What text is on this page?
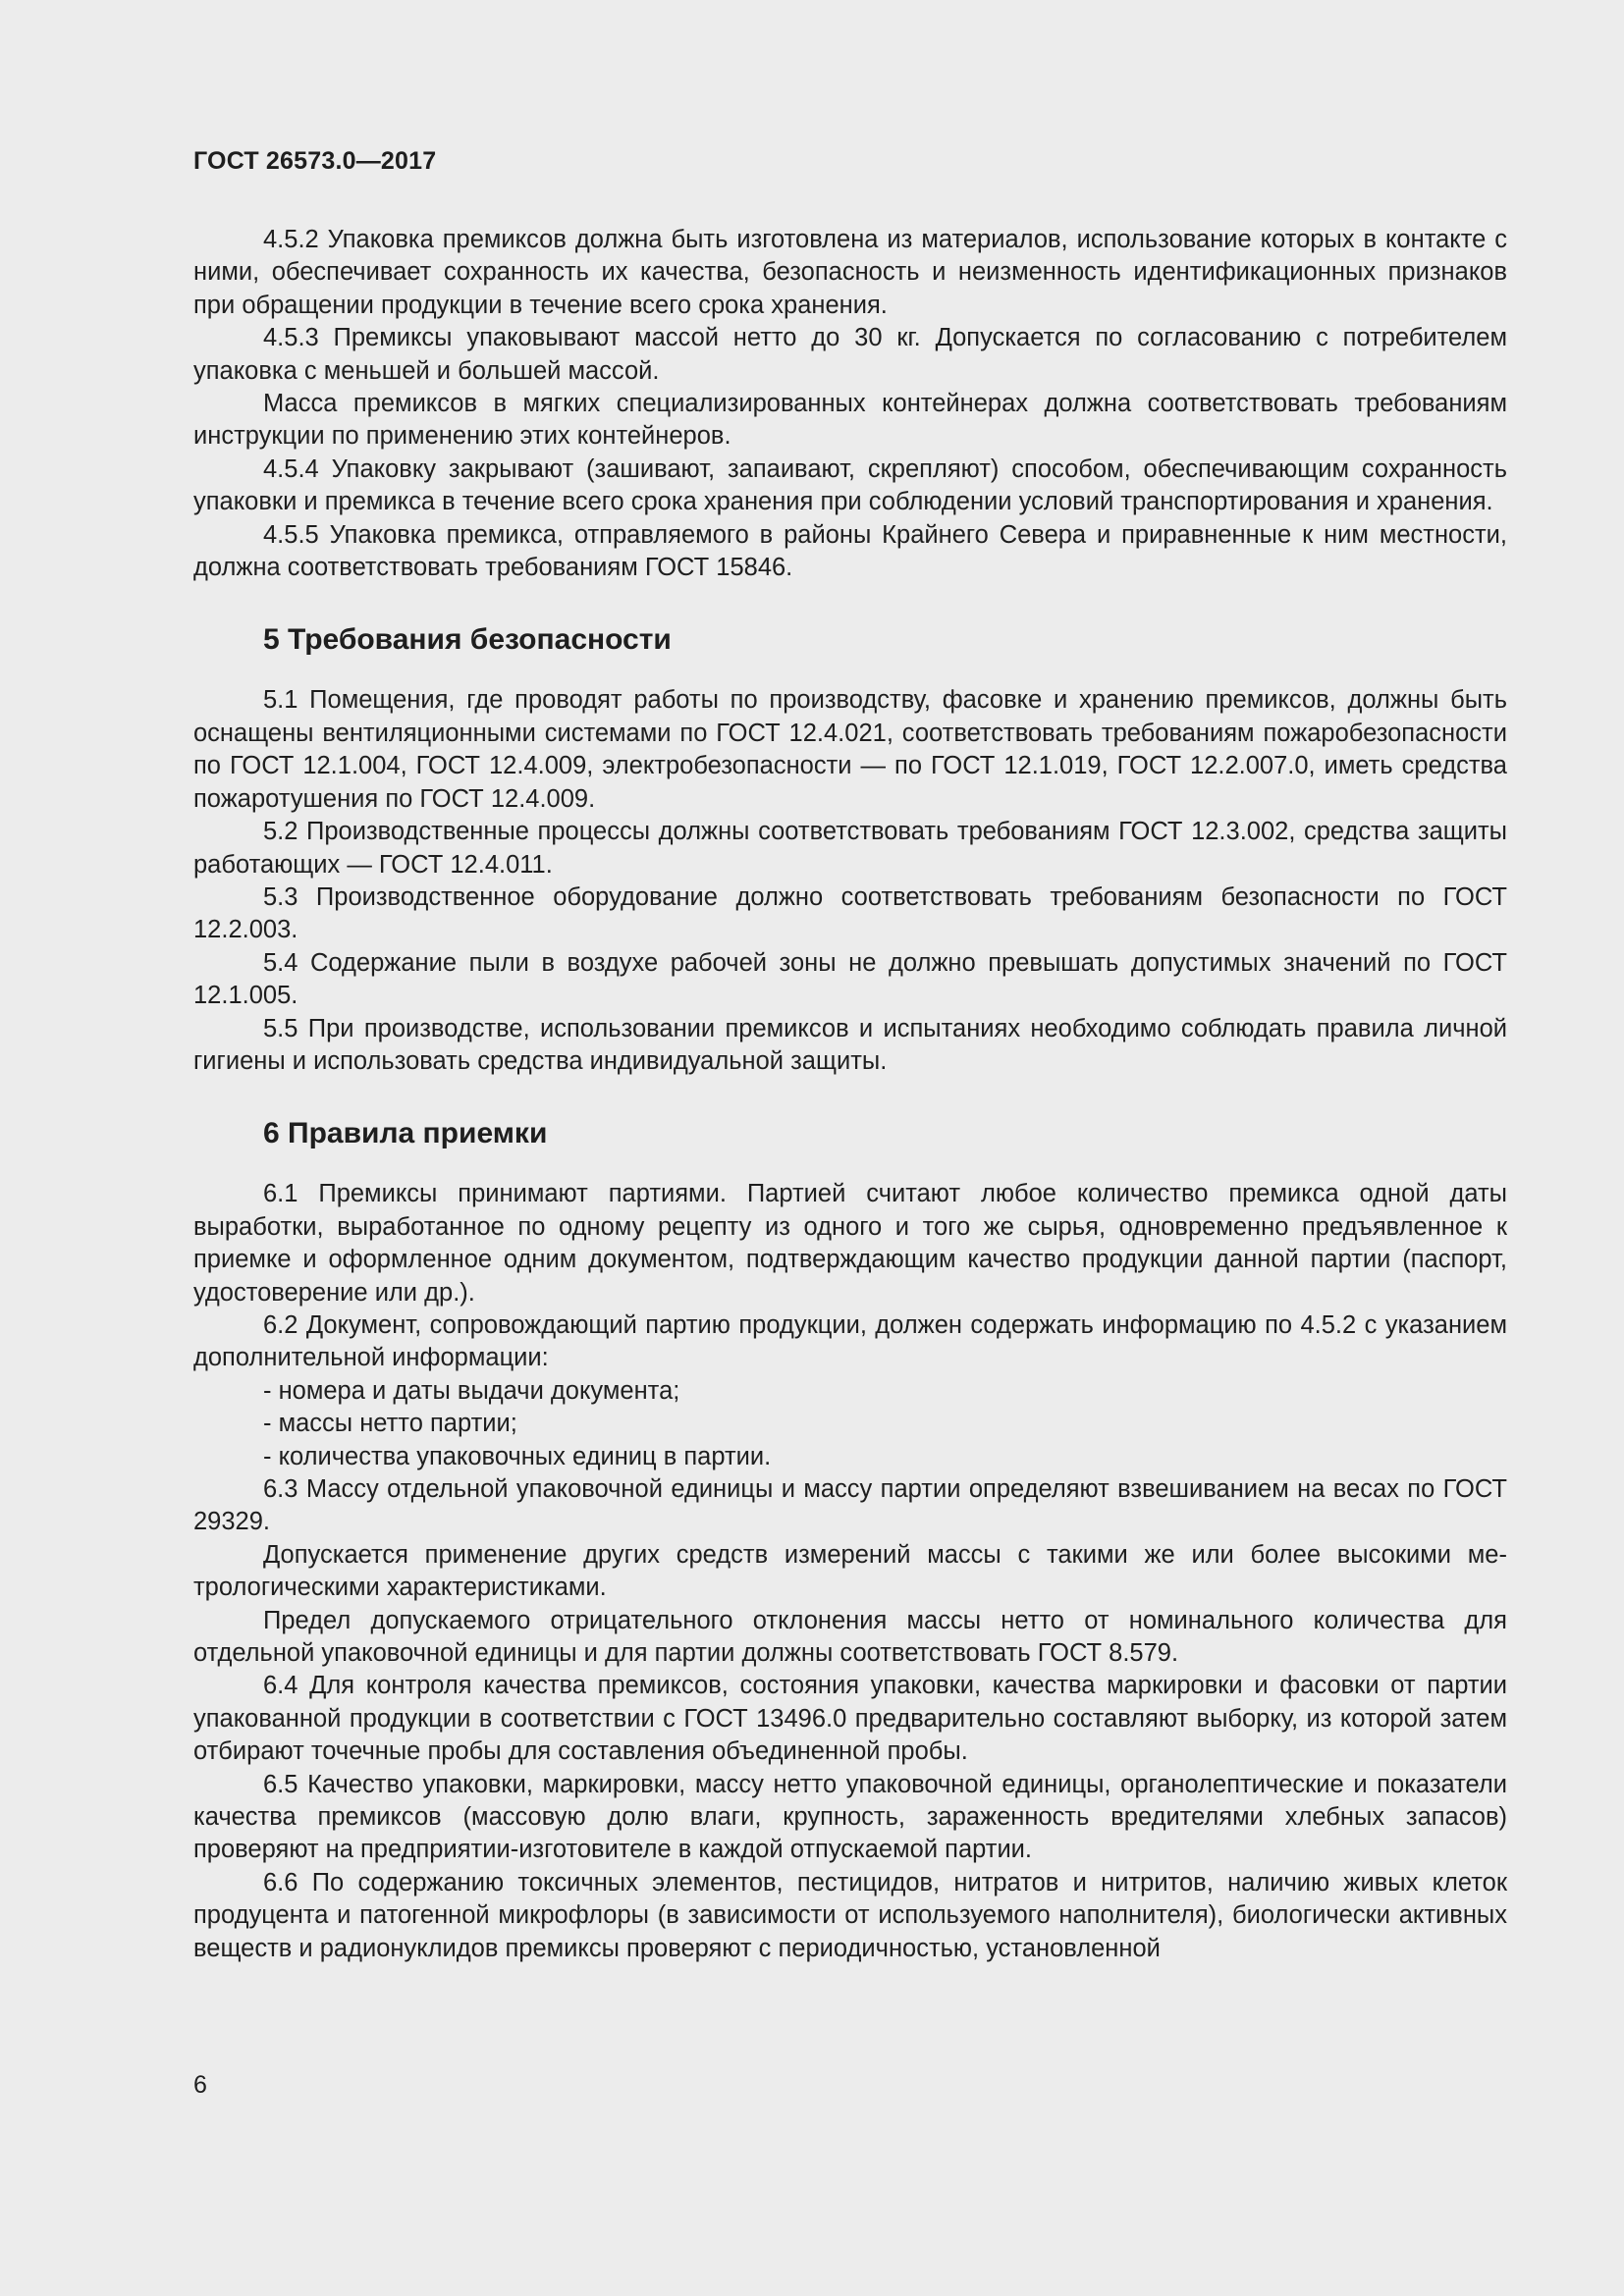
ГОСТ 26573.0—2017

4.5.2 Упаковка премиксов должна быть изготовлена из материалов, использование которых в контакте с ними, обеспечивает сохранность их качества, безопасность и неизменность идентификационных признаков при обращении продукции в течение всего срока хранения.

4.5.3 Премиксы упаковывают массой нетто до 30 кг. Допускается по согласованию с потребителем упаковка с меньшей и большей массой.

Масса премиксов в мягких специализированных контейнерах должна соответствовать требованиям инструкции по применению этих контейнеров.

4.5.4 Упаковку закрывают (зашивают, запаивают, скрепляют) способом, обеспечивающим сохранность упаковки и премикса в течение всего срока хранения при соблюдении условий транспортирования и хранения.

4.5.5 Упаковка премикса, отправляемого в районы Крайнего Севера и приравненные к ним местности, должна соответствовать требованиям ГОСТ 15846.

5 Требования безопасности

5.1 Помещения, где проводят работы по производству, фасовке и хранению премиксов, должны быть оснащены вентиляционными системами по ГОСТ 12.4.021, соответствовать требованиям пожаробезопасности по ГОСТ 12.1.004, ГОСТ 12.4.009, электробезопасности — по ГОСТ 12.1.019, ГОСТ 12.2.007.0, иметь средства пожаротушения по ГОСТ 12.4.009.

5.2 Производственные процессы должны соответствовать требованиям ГОСТ 12.3.002, средства защиты работающих — ГОСТ 12.4.011.

5.3 Производственное оборудование должно соответствовать требованиям безопасности по ГОСТ 12.2.003.

5.4 Содержание пыли в воздухе рабочей зоны не должно превышать допустимых значений по ГОСТ 12.1.005.

5.5 При производстве, использовании премиксов и испытаниях необходимо соблюдать правила личной гигиены и использовать средства индивидуальной защиты.

6 Правила приемки

6.1 Премиксы принимают партиями. Партией считают любое количество премикса одной даты выработки, выработанное по одному рецепту из одного и того же сырья, одновременно предъявленное к приемке и оформленное одним документом, подтверждающим качество продукции данной партии (паспорт, удостоверение или др.).

6.2 Документ, сопровождающий партию продукции, должен содержать информацию по 4.5.2 с указанием дополнительной информации:

- номера и даты выдачи документа;

- массы нетто партии;

- количества упаковочных единиц в партии.

6.3 Массу отдельной упаковочной единицы и массу партии определяют взвешиванием на весах по ГОСТ 29329.

Допускается применение других средств измерений массы с такими же или более высокими метрологическими характеристиками.

Предел допускаемого отрицательного отклонения массы нетто от номинального количества для отдельной упаковочной единицы и для партии должны соответствовать ГОСТ 8.579.

6.4 Для контроля качества премиксов, состояния упаковки, качества маркировки и фасовки от партии упакованной продукции в соответствии с ГОСТ 13496.0 предварительно составляют выборку, из которой затем отбирают точечные пробы для составления объединенной пробы.

6.5 Качество упаковки, маркировки, массу нетто упаковочной единицы, органолептические и показатели качества премиксов (массовую долю влаги, крупность, зараженность вредителями хлебных запасов) проверяют на предприятии-изготовителе в каждой отпускаемой партии.

6.6 По содержанию токсичных элементов, пестицидов, нитратов и нитритов, наличию живых клеток продуцента и патогенной микрофлоры (в зависимости от используемого наполнителя), биологически активных веществ и радионуклидов премиксы проверяют с периодичностью, установленной

6
